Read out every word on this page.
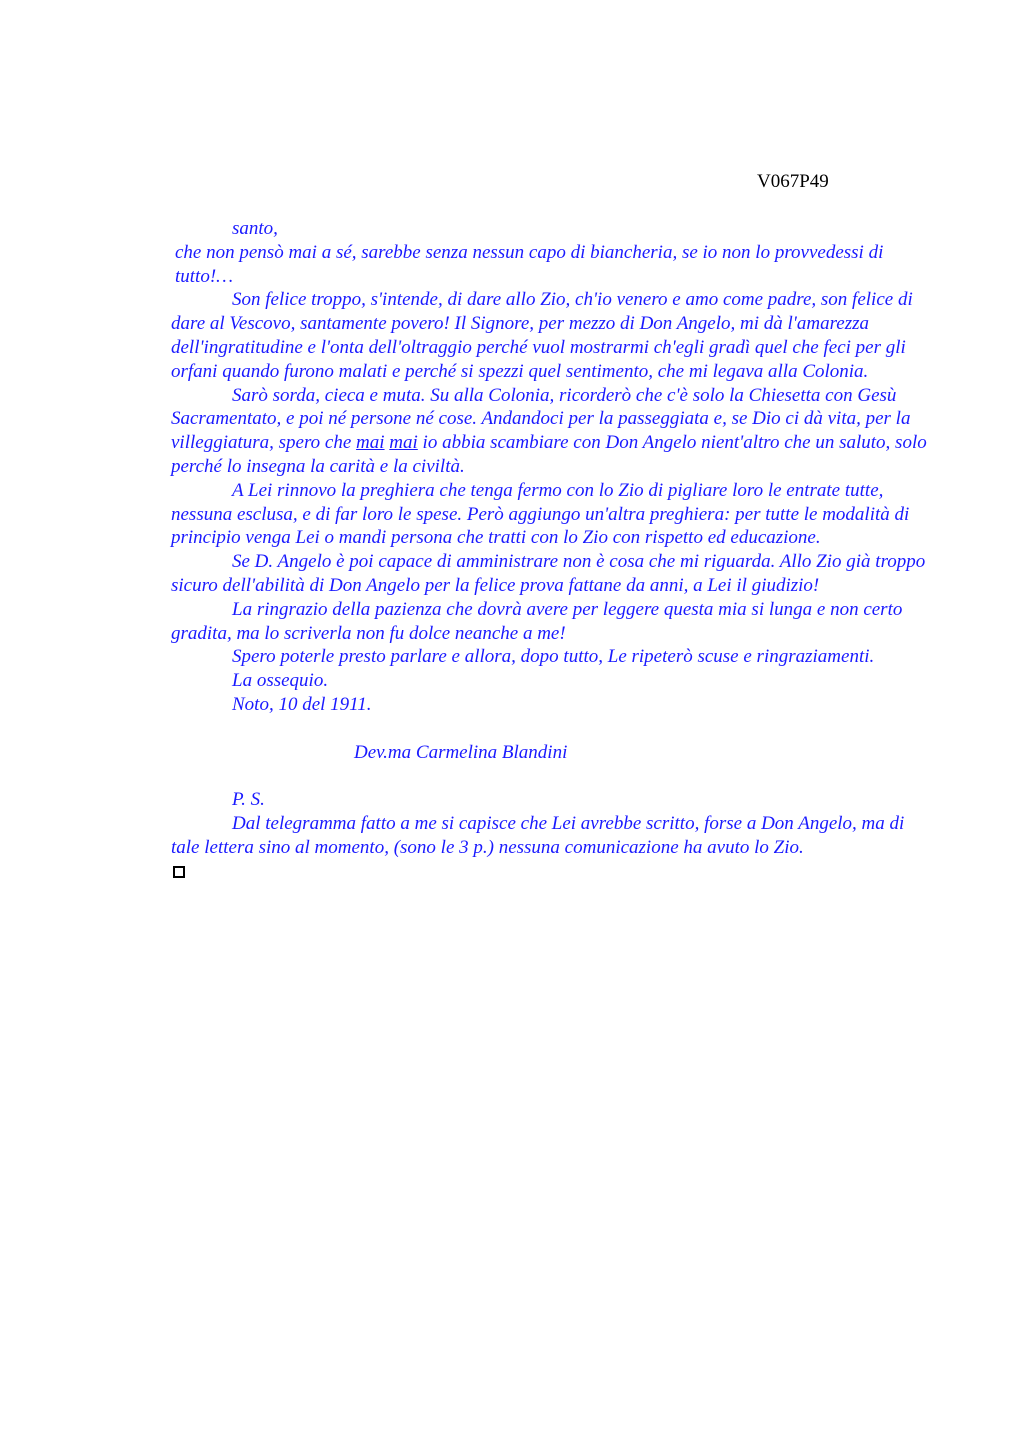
V067P49

santo,

che non pensò mai a sé, sarebbe senza nessun capo di biancheria, se io non lo provvedessi di tutto!…

Son felice troppo, s'intende, di dare allo Zio, ch'io venero e amo come padre, son felice di dare al Vescovo, santamente povero! Il Signore, per mezzo di Don Angelo, mi dà l'amarezza dell'ingratitudine e l'onta dell'oltraggio perché vuol mostrarmi ch'egli gradì quel che feci per gli orfani quando furono malati e perché si spezzi quel sentimento, che mi legava alla Colonia.

Sarò sorda, cieca e muta. Su alla Colonia, ricorderò che c'è solo la Chiesetta con Gesù Sacramentato, e poi né persone né cose. Andandoci per la passeggiata e, se Dio ci dà vita, per la villeggiatura, spero che mai mai io abbia scambiare con Don Angelo nient'altro che un saluto, solo perché lo insegna la carità e la civiltà.

A Lei rinnovo la preghiera che tenga fermo con lo Zio di pigliare loro le entrate tutte, nessuna esclusa, e di far loro le spese. Però aggiungo un'altra preghiera: per tutte le modalità di principio venga Lei o mandi persona che tratti con lo Zio con rispetto ed educazione.

Se D. Angelo è poi capace di amministrare non è cosa che mi riguarda. Allo Zio già troppo sicuro dell'abilità di Don Angelo per la felice prova fattane da anni, a Lei il giudizio!

La ringrazio della pazienza che dovrà avere per leggere questa mia si lunga e non certo gradita, ma lo scriverla non fu dolce neanche a me!

Spero poterle presto parlare e allora, dopo tutto, Le ripeterò scuse e ringraziamenti.

La ossequio.

Noto, 10 del 1911.

Dev.ma Carmelina Blandini

P. S.

Dal telegramma fatto a me si capisce che Lei avrebbe scritto, forse a Don Angelo, ma di tale lettera sino al momento, (sono le 3 p.) nessuna comunicazione ha avuto lo Zio.
